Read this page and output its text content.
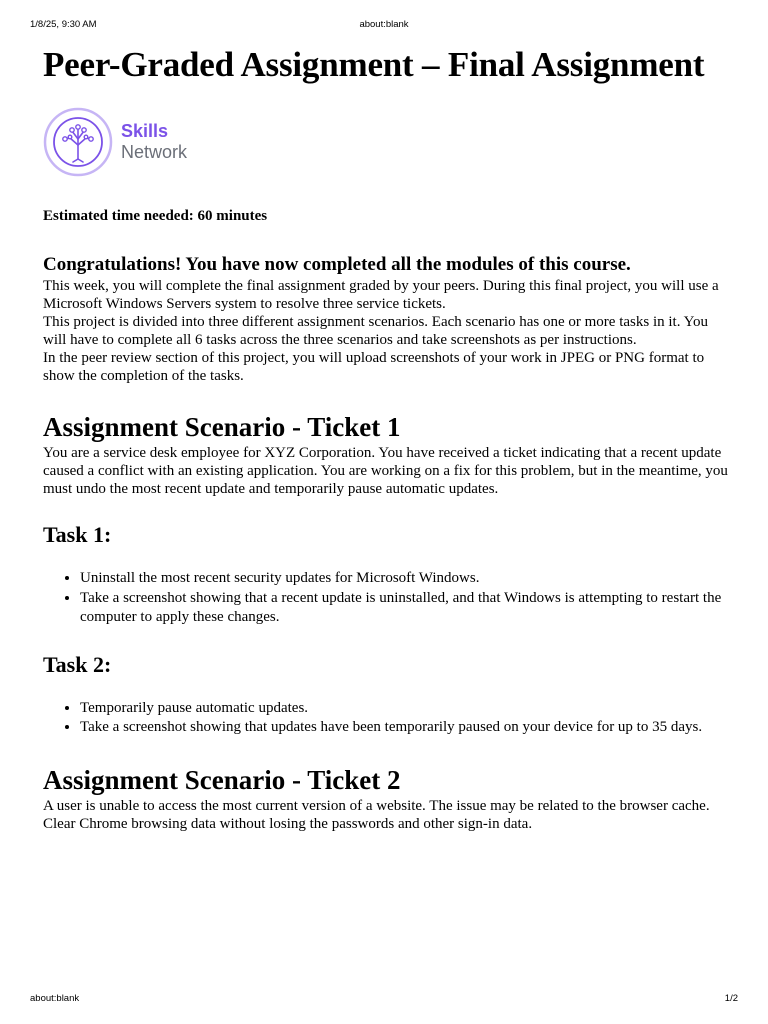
1/8/25, 9:30 AM	about:blank
Peer-Graded Assignment – Final Assignment
Skills
Network

Estimated time needed: 60 minutes

Congratulations! You have now completed all the modules of this course.

This week, you will complete the final assignment graded by your peers. During this final project, you will use a Microsoft Windows Servers system to resolve three service tickets.

This project is divided into three different assignment scenarios. Each scenario has one or more tasks in it. You will have to complete all 6 tasks across the three scenarios and take screenshots as per instructions.

In the peer review section of this project, you will upload screenshots of your work in JPEG or PNG format to show the completion of the tasks.

Assignment Scenario - Ticket 1

You are a service desk employee for XYZ Corporation. You have received a ticket indicating that a recent update caused a conflict with an existing application. You are working on a fix for this problem, but in the meantime, you must undo the most recent update and temporarily pause automatic updates.

Task 1:
• Uninstall the most recent security updates for Microsoft Windows.
• Take a screenshot showing that a recent update is uninstalled, and that Windows is attempting to restart the computer to apply these changes.
Task 2:
• Temporarily pause automatic updates.
• Take a screenshot showing that updates have been temporarily paused on your device for up to 35 days.
Assignment Scenario - Ticket 2

A user is unable to access the most current version of a website. The issue may be related to the browser cache. Clear Chrome browsing data without losing the passwords and other sign-in data.

about:blank	1/2
